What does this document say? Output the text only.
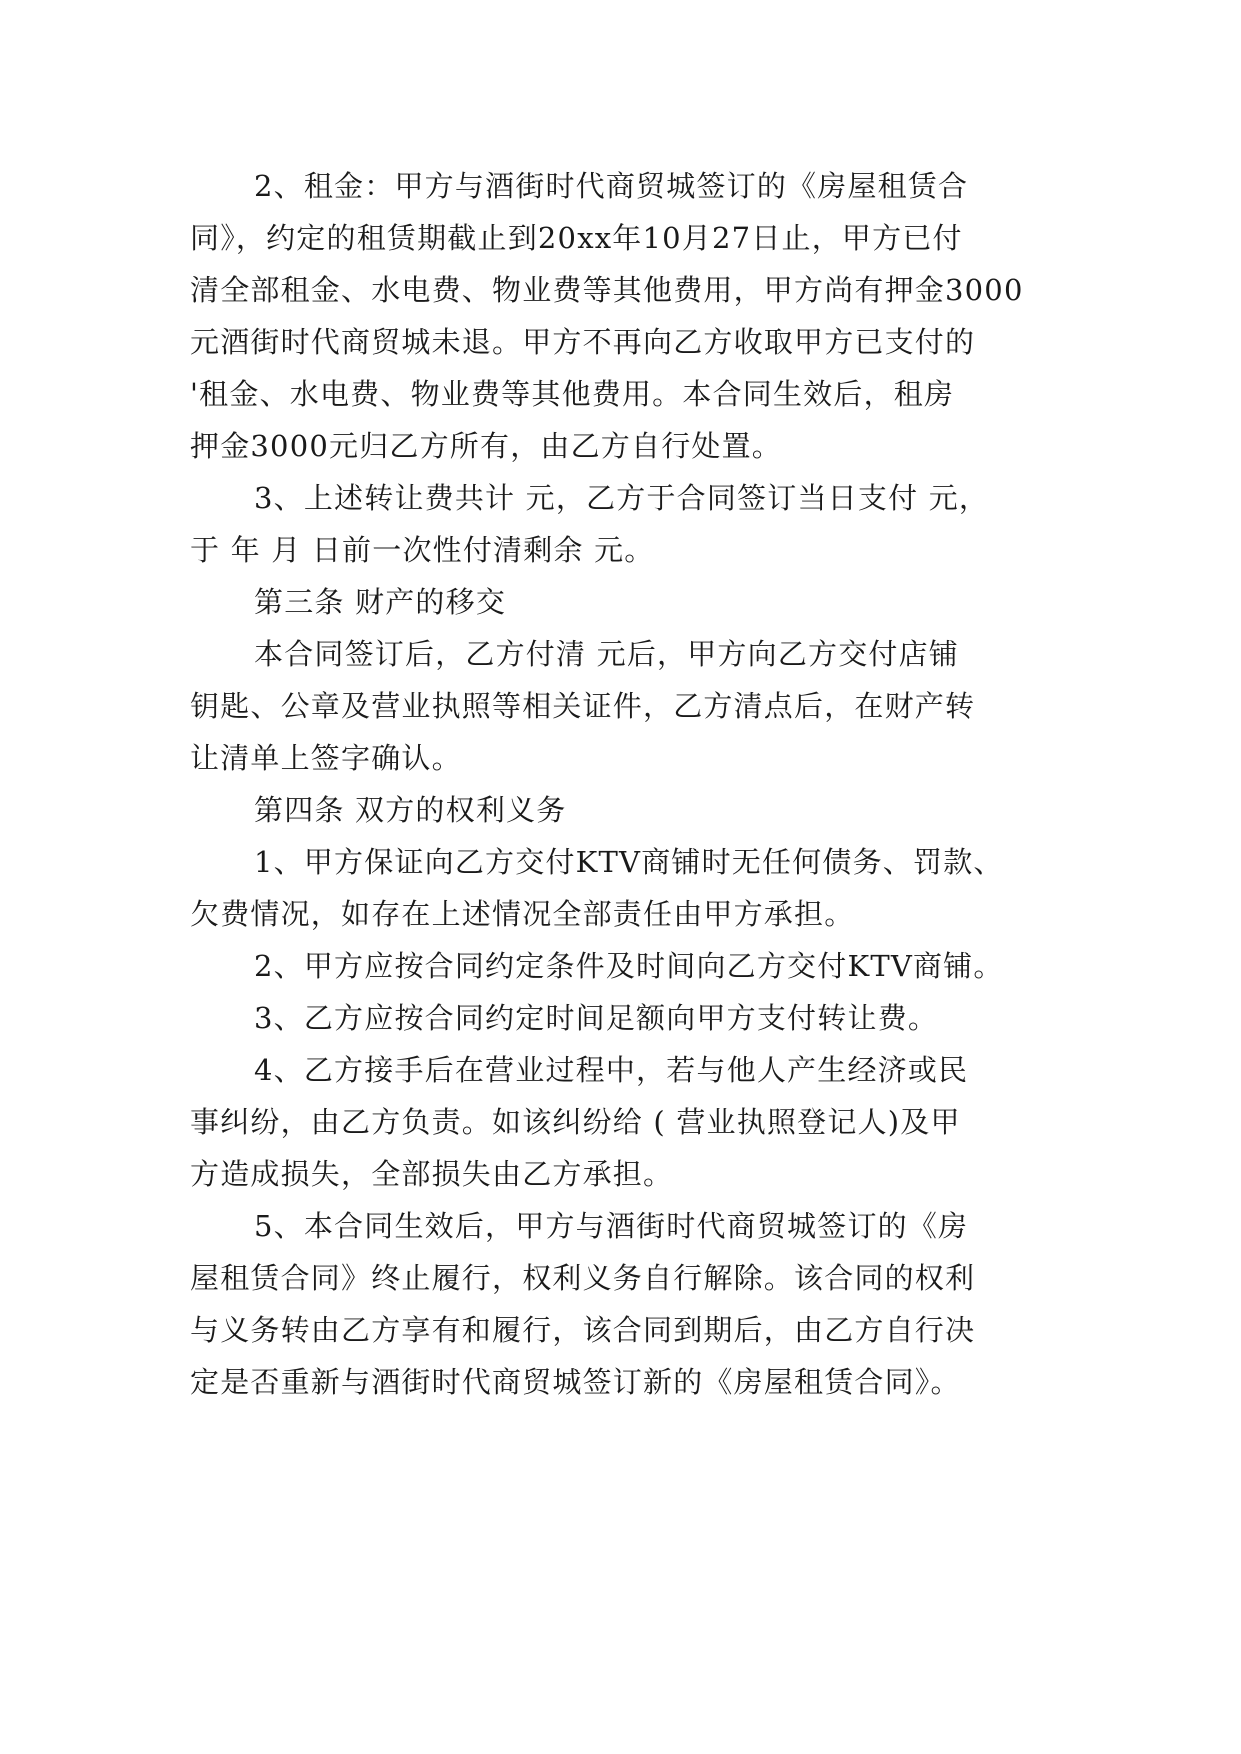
2、租金：甲方与酒街时代商贸城签订的《房屋租赁合
同》，约定的租赁期截止到20xx年10月27日止，甲方已付
清全部租金、水电费、物业费等其他费用，甲方尚有押金3000
元酒街时代商贸城未退。甲方不再向乙方收取甲方已支付的
'租金、水电费、物业费等其他费用。本合同生效后，租房
押金3000元归乙方所有，由乙方自行处置。
3、上述转让费共计 元，乙方于合同签订当日支付 元，
于 年 月 日前一次性付清剩余 元。
第三条 财产的移交
本合同签订后，乙方付清 元后，甲方向乙方交付店铺
钥匙、公章及营业执照等相关证件，乙方清点后，在财产转
让清单上签字确认。
第四条 双方的权利义务
1、甲方保证向乙方交付KTV商铺时无任何债务、罚款、
欠费情况，如存在上述情况全部责任由甲方承担。
2、甲方应按合同约定条件及时间向乙方交付KTV商铺。
3、乙方应按合同约定时间足额向甲方支付转让费。
4、乙方接手后在营业过程中，若与他人产生经济或民
事纠纷，由乙方负责。如该纠纷给 ( 营业执照登记人)及甲
方造成损失，全部损失由乙方承担。
5、本合同生效后，甲方与酒街时代商贸城签订的《房
屋租赁合同》终止履行，权利义务自行解除。该合同的权利
与义务转由乙方享有和履行，该合同到期后，由乙方自行决
定是否重新与酒街时代商贸城签订新的《房屋租赁合同》。
